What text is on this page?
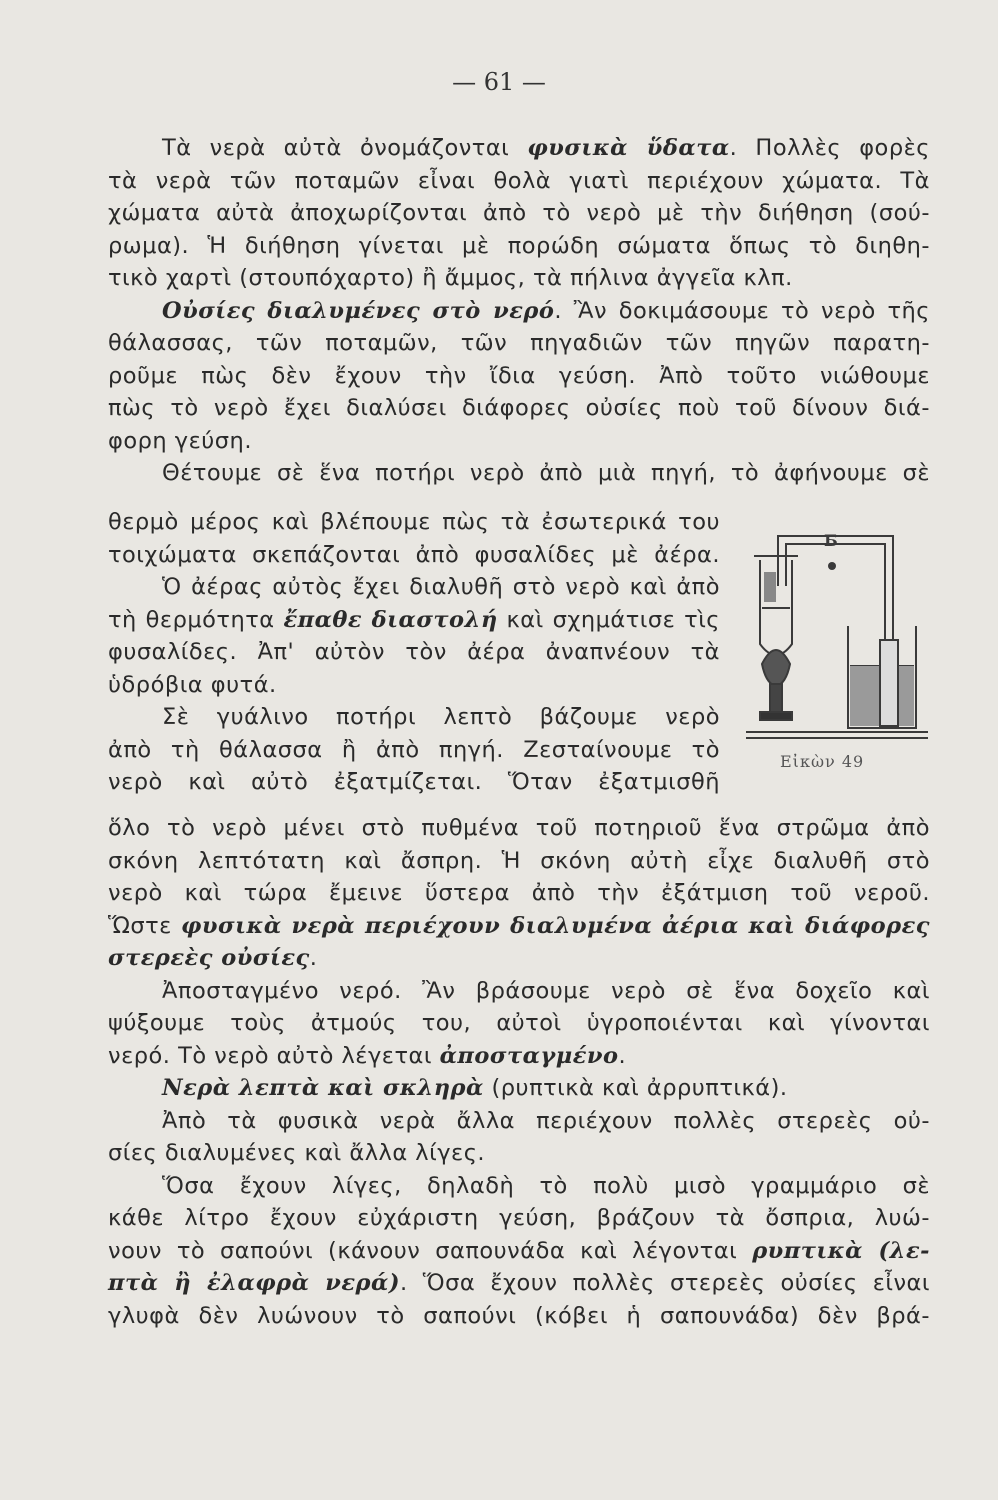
— 61 —
Τὰ νερὰ αὐτὰ ὀνομάζονται φυσικὰ ὕδατα. Πολλὲς φορὲς
τὰ νερὰ τῶν ποταμῶν εἶναι θολὰ γιατὶ περιέχουν χώματα. Τὰ
χώματα αὐτὰ ἀποχωρίζονται ἀπὸ τὸ νερὸ μὲ τὴν διήθηση (σού-
ρωμα). Ἡ διήθηση γίνεται μὲ πορώδη σώματα ὅπως τὸ διηθη-
τικὸ χαρτὶ (στουπόχαρτο) ἢ ἄμμος, τὰ πήλινα ἀγγεῖα κλπ.
Οὐσίες διαλυμένες στὸ νερό. Ἂν δοκιμάσουμε τὸ νερὸ τῆς
θάλασσας, τῶν ποταμῶν, τῶν πηγαδιῶν τῶν πηγῶν παρατη-
ροῦμε πὼς δὲν ἔχουν τὴν ἴδια γεύση. Ἀπὸ τοῦτο νιώθουμε
πὼς τὸ νερὸ ἔχει διαλύσει διάφορες οὐσίες ποὺ τοῦ δίνουν διά-
φορη γεύση.
Θέτουμε σὲ ἕνα ποτήρι νερὸ ἀπὸ μιὰ πηγή, τὸ ἀφήνουμε σὲ
θερμὸ μέρος καὶ βλέπουμε πὼς τὰ ἐσωτερικά του
τοιχώματα σκεπάζονται ἀπὸ φυσαλίδες μὲ ἀέρα.
Ὁ ἀέρας αὐτὸς ἔχει διαλυθῆ στὸ νερὸ καὶ ἀπὸ
τὴ θερμότητα ἔπαθε διαστολή καὶ σχημάτισε τὶς
φυσαλίδες. Ἀπ' αὐτὸν τὸν ἀέρα ἀναπνέουν τὰ
ὑδρόβια φυτά.
Σὲ γυάλινο ποτήρι λεπτὸ βάζουμε νερὸ
ἀπὸ τὴ θάλασσα ἢ ἀπὸ πηγή. Ζεσταίνουμε τὸ
νερὸ καὶ αὐτὸ ἐξατμίζεται. Ὅταν ἐξατμισθῆ
ὅλο τὸ νερὸ μένει στὸ πυθμένα τοῦ ποτηριοῦ ἕνα στρῶμα ἀπὸ
σκόνη λεπτότατη καὶ ἄσπρη. Ἡ σκόνη αὐτὴ εἶχε διαλυθῆ στὸ
νερὸ καὶ τώρα ἔμεινε ὕστερα ἀπὸ τὴν ἐξάτμιση τοῦ νεροῦ.
Ὥστε φυσικὰ νερὰ περιέχουν διαλυμένα ἀέρια καὶ διάφορες
στερεὲς οὐσίες.
Ἀποσταγμένο νερό. Ἂν βράσουμε νερὸ σὲ ἕνα δοχεῖο καὶ
ψύξουμε τοὺς ἀτμούς του, αὐτοὶ ὑγροποιένται καὶ γίνονται
νερό. Τὸ νερὸ αὐτὸ λέγεται ἀποσταγμένο.
Νερὰ λεπτὰ καὶ σκληρὰ (ρυπτικὰ καὶ ἀρρυπτικά).
Ἀπὸ τὰ φυσικὰ νερὰ ἄλλα περιέχουν πολλὲς στερεὲς οὐ-
σίες διαλυμένες καὶ ἄλλα λίγες.
Ὅσα ἔχουν λίγες, δηλαδὴ τὸ πολὺ μισὸ γραμμάριο σὲ
κάθε λίτρο ἔχουν εὐχάριστη γεύση, βράζουν τὰ ὄσπρια, λυώ-
νουν τὸ σαπούνι (κάνουν σαπουνάδα καὶ λέγονται ρυπτικὰ (λε-
πτὰ ἢ ἐλαφρὰ νερά). Ὅσα ἔχουν πολλὲς στερεὲς οὐσίες εἶναι
γλυφὰ δὲν λυώνουν τὸ σαπούνι (κόβει ἡ σαπουνάδα) δὲν βρά-
Б
Εἰκὼν 49
